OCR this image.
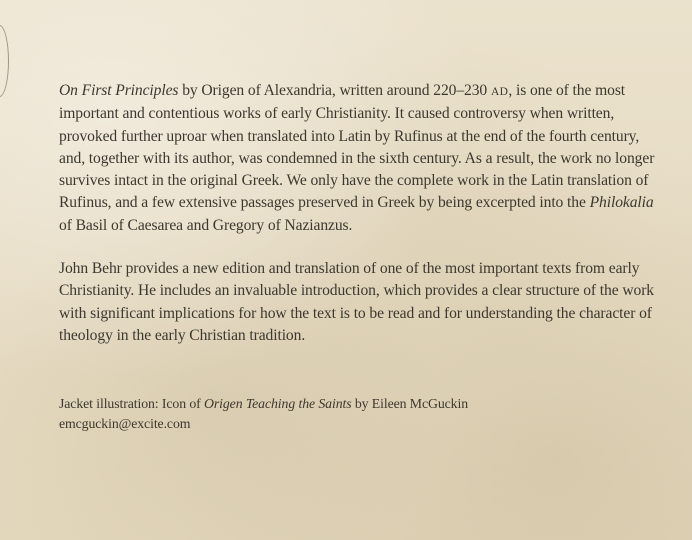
On First Principles by Origen of Alexandria, written around 220–230 AD, is one of the most important and contentious works of early Christianity. It caused controversy when written, provoked further uproar when translated into Latin by Rufinus at the end of the fourth century, and, together with its author, was condemned in the sixth century. As a result, the work no longer survives intact in the original Greek. We only have the complete work in the Latin translation of Rufinus, and a few extensive passages preserved in Greek by being excerpted into the Philokalia of Basil of Caesarea and Gregory of Nazianzus.

John Behr provides a new edition and translation of one of the most important texts from early Christianity. He includes an invaluable introduction, which provides a clear structure of the work with significant implications for how the text is to be read and for understanding the character of theology in the early Christian tradition.

Jacket illustration: Icon of Origen Teaching the Saints by Eileen McGuckin
emcguckin@excite.com
